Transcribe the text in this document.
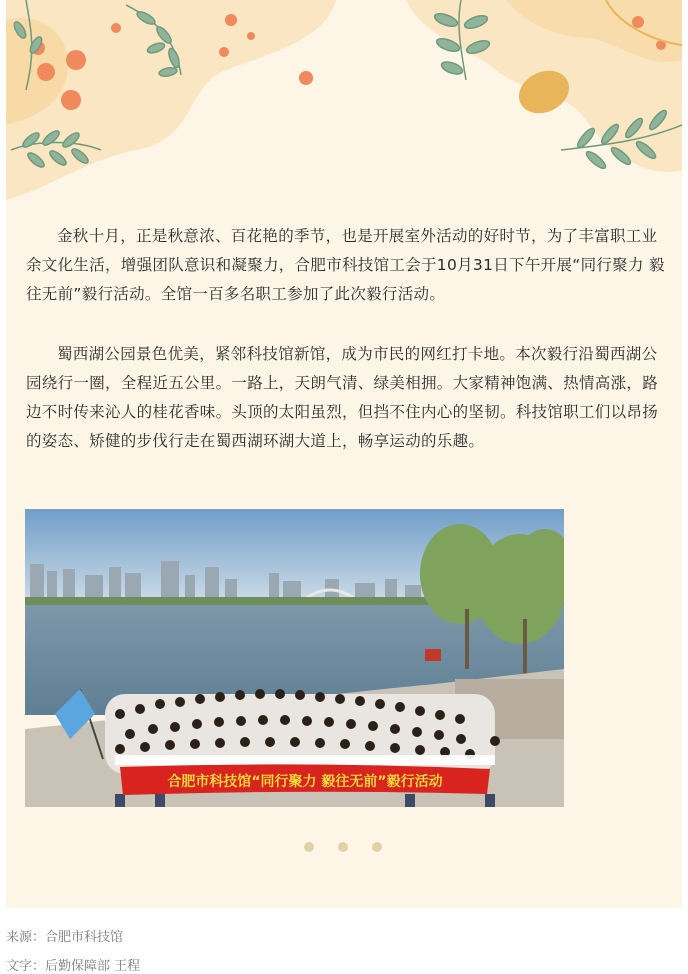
金秋十月，正是秋意浓、百花艳的季节，也是开展室外活动的好时节，为了丰富职工业余文化生活，增强团队意识和凝聚力，合肥市科技馆工会于10月31日下午开展“同行聚力 毅往无前”毅行活动。全馆一百多名职工参加了此次毅行活动。

蜀西湖公园景色优美，紧邻科技馆新馆，成为市民的网红打卡地。本次毅行沿蜀西湖公园绕行一圈，全程近五公里。一路上，天朗气清、绿美相拥。大家精神饱满、热情高涨，路边不时传来沁人的桂花香味。头顶的太阳虽烈，但挡不住内心的坚韧。科技馆职工们以昂扬的姿态、矫健的步伐行走在蜀西湖环湖大道上，畅享运动的乐趣。

合肥市科技馆“同行聚力 毅往无前”毅行活动
来源：合肥市科技馆
文字：后勤保障部 王程
